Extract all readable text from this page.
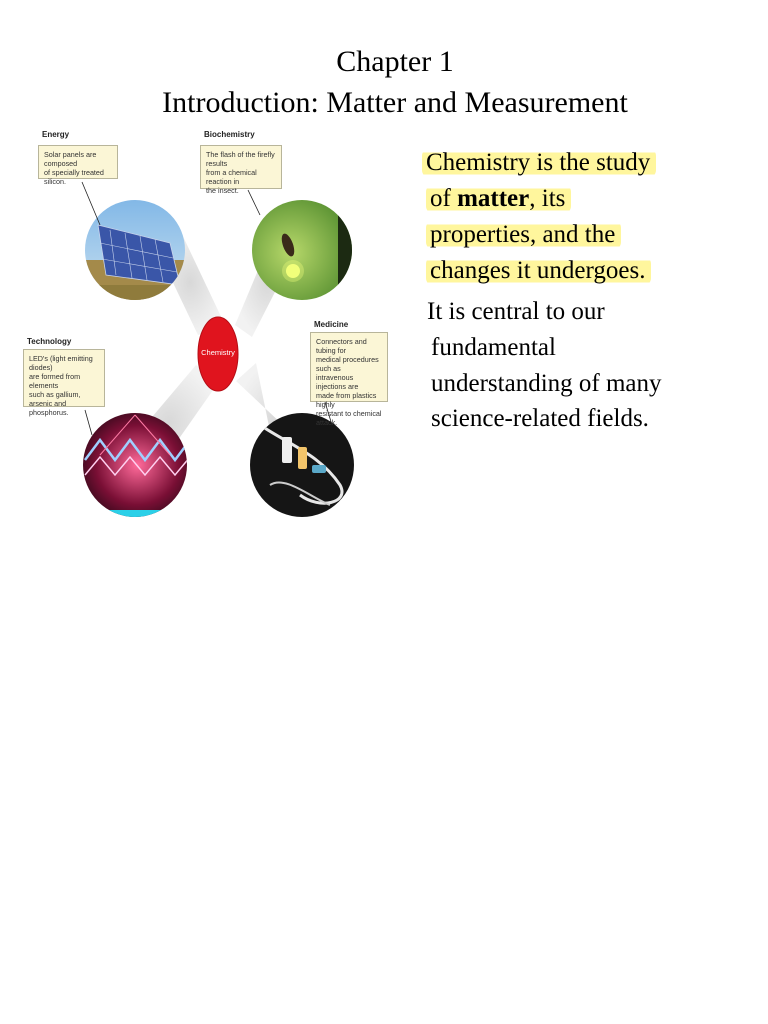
Chapter 1
Introduction: Matter and Measurement
Energy
Solar panels are composed
of specially treated silicon.
Biochemistry
The flash of the firefly results
from a chemical reaction in
the insect.
Technology
LED's (light emitting diodes)
are formed from elements
such as gallium, arsenic and
phosphorus.
Medicine
Connectors and tubing for
medical procedures such as
intravenous injections are
made from plastics highly
resistant to chemical attack.
Chemistry
Chemistry is the study
of matter, its
properties, and the
changes it undergoes.
It is central to our
fundamental
understanding of many
science-related fields.
